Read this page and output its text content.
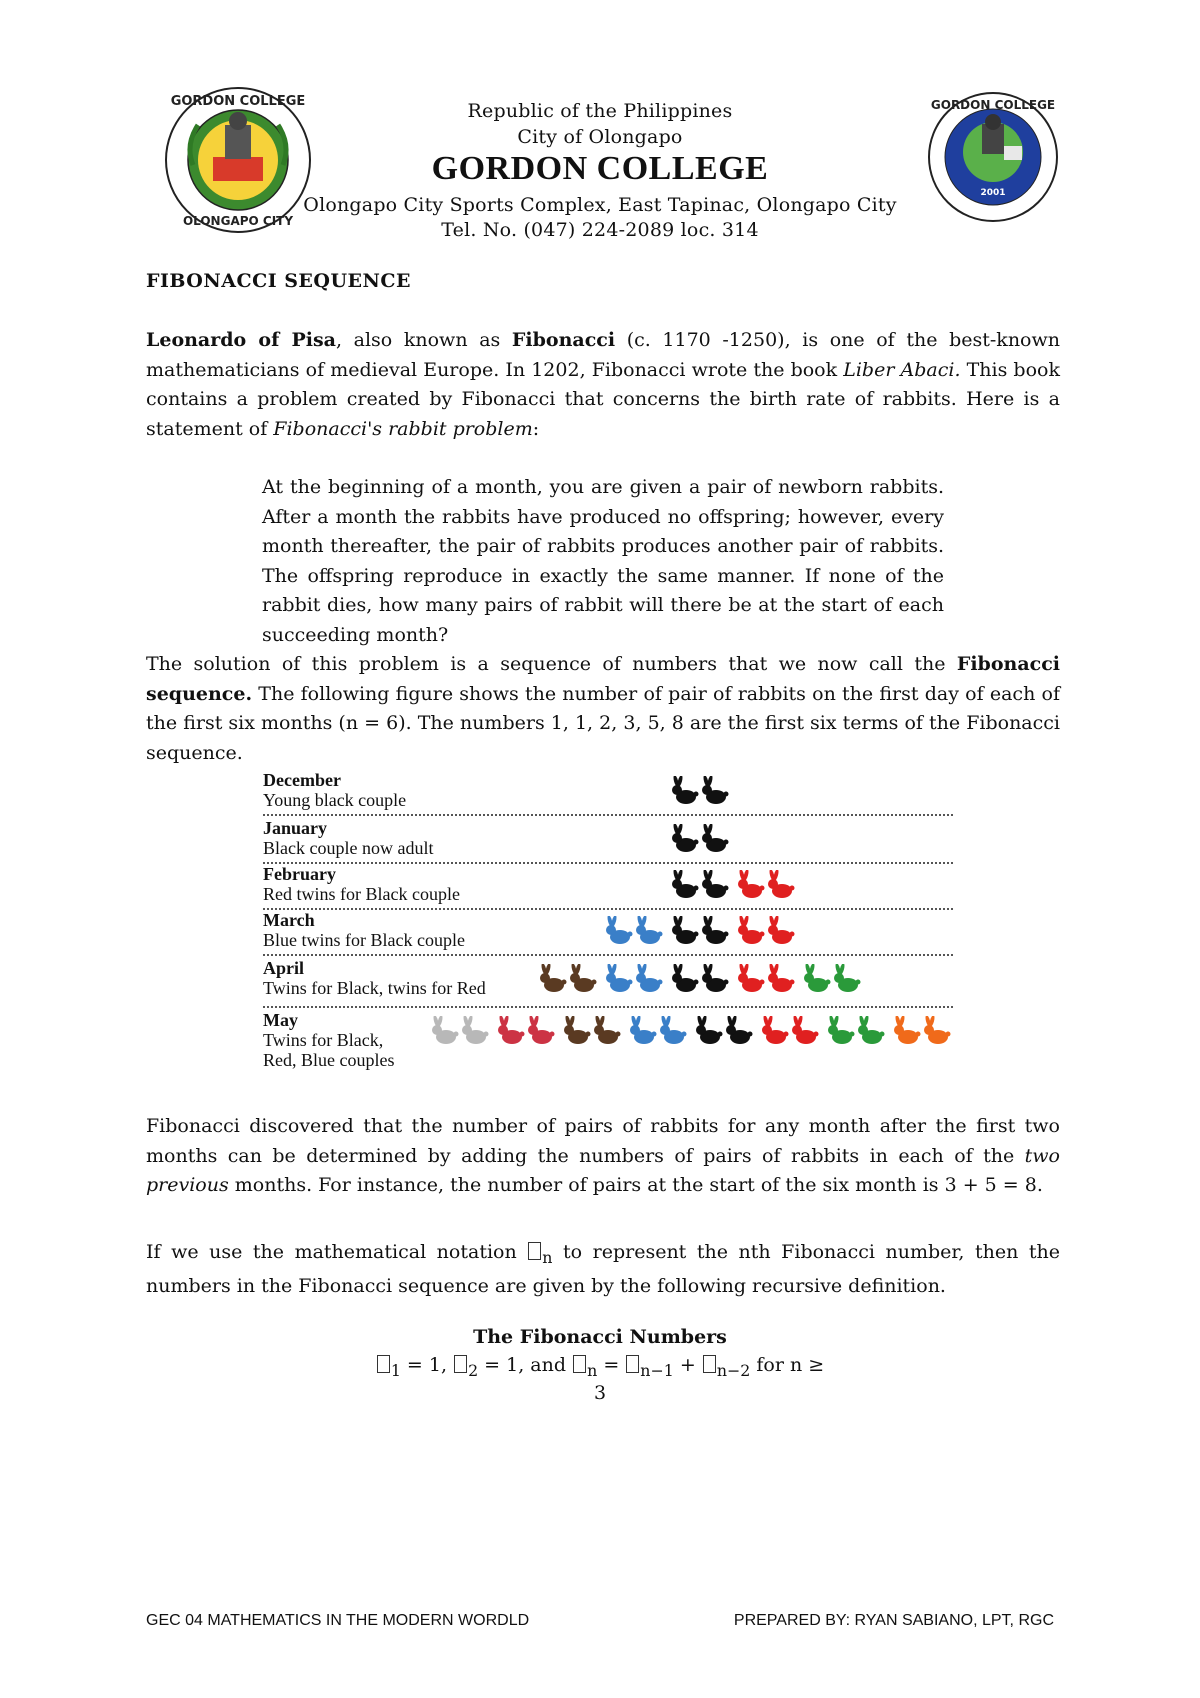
GORDON COLLEGE
OLONGAPO CITY
Republic of the Philippines
City of Olongapo
GORDON COLLEGE
Olongapo City Sports Complex, East Tapinac, Olongapo City
Tel. No. (047) 224-2089 loc. 314
2001
GORDON COLLEGE
FIBONACCI SEQUENCE

Leonardo of Pisa, also known as Fibonacci (c. 1170 -1250), is one of the best-known mathematicians of medieval Europe. In 1202, Fibonacci wrote the book Liber Abaci. This book contains a problem created by Fibonacci that concerns the birth rate of rabbits. Here is a statement of Fibonacci's rabbit problem:

At the beginning of a month, you are given a pair of newborn rabbits. After a month the rabbits have produced no offspring; however, every month thereafter, the pair of rabbits produces another pair of rabbits. The offspring reproduce in exactly the same manner. If none of the rabbit dies, how many pairs of rabbit will there be at the start of each succeeding month?

The solution of this problem is a sequence of numbers that we now call the Fibonacci sequence. The following figure shows the number of pair of rabbits on the first day of each of the first six months (n = 6). The numbers 1, 1, 2, 3, 5, 8 are the first six terms of the Fibonacci sequence.

December
Young black couple
January
Black couple now adult
February
Red twins for Black couple
March
Blue twins for Black couple
April
Twins for Black, twins for Red
May
Twins for Black,
Red, Blue couples

Fibonacci discovered that the number of pairs of rabbits for any month after the first two months can be determined by adding the numbers of pairs of rabbits in each of the two previous months. For instance, the number of pairs at the start of the six month is 3 + 5 = 8.

If we use the mathematical notation $_n$ to represent the nth Fibonacci number, then the numbers in the Fibonacci sequence are given by the following recursive definition.

The Fibonacci Numbers
$_1$ = 1, $_2$ = 1, and $_n$ = $_{n-1}$ + $_{n-2}$ for n ≥
3
GEC 04 MATHEMATICS IN THE MODERN WORDLD	PREPARED BY: RYAN SABIANO, LPT, RGC
